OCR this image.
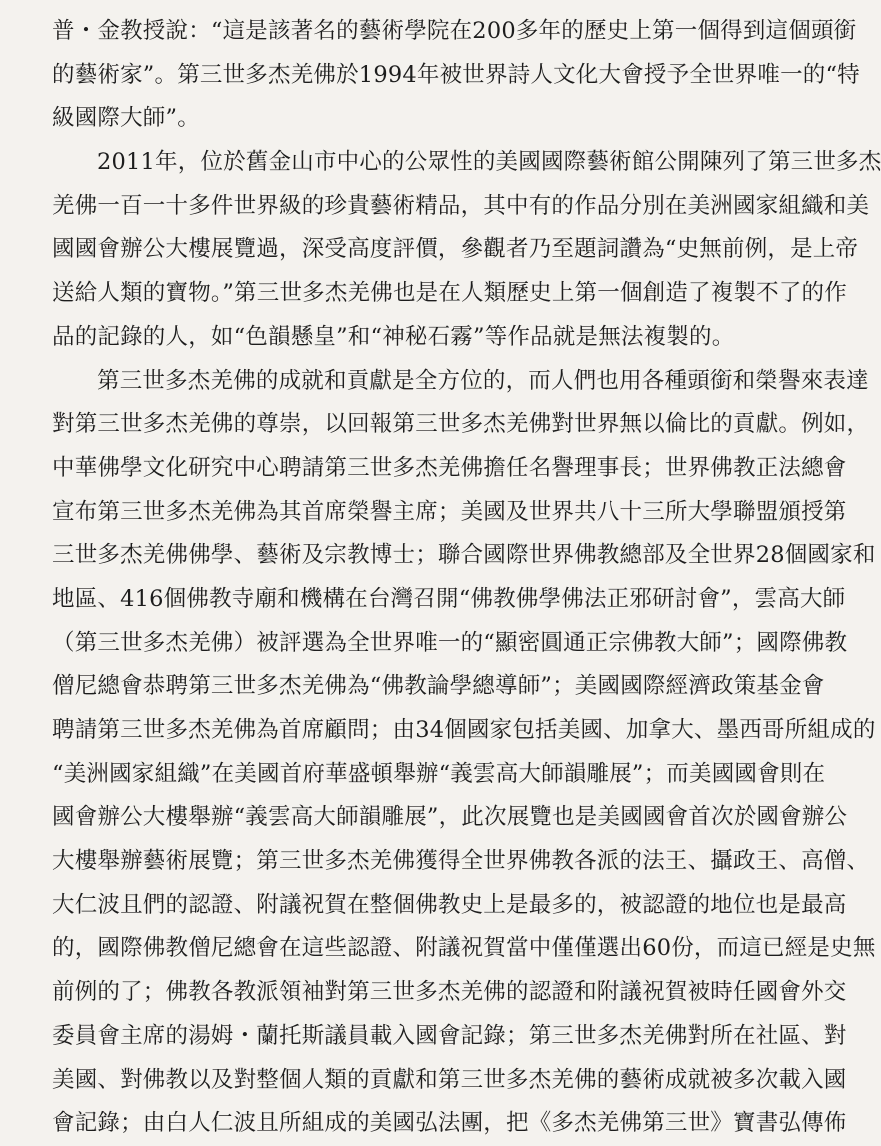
普・金教授說：“這是該著名的藝術學院在200多年的歷史上第一個得到這個頭銜
的藝術家”。第三世多杰羌佛於1994年被世界詩人文化大會授予全世界唯一的“特
級國際大師”。
2011年，位於舊金山市中心的公眾性的美國國際藝術館公開陳列了第三世多杰
羌佛一百一十多件世界級的珍貴藝術精品，其中有的作品分別在美洲國家組織和美
國國會辦公大樓展覽過，深受高度評價，參觀者乃至題詞讚為“史無前例，是上帝
送給人類的寶物。”第三世多杰羌佛也是在人類歷史上第一個創造了複製不了的作
品的記錄的人，如“色韻懸皇”和“神秘石霧”等作品就是無法複製的。
第三世多杰羌佛的成就和貢獻是全方位的，而人們也用各種頭銜和榮譽來表達
對第三世多杰羌佛的尊崇，以回報第三世多杰羌佛對世界無以倫比的貢獻。例如，
中華佛學文化研究中心聘請第三世多杰羌佛擔任名譽理事長；世界佛教正法總會
宣布第三世多杰羌佛為其首席榮譽主席；美國及世界共八十三所大學聯盟頒授第
三世多杰羌佛佛學、藝術及宗教博士；聯合國際世界佛教總部及全世界28個國家和
地區、416個佛教寺廟和機構在台灣召開“佛教佛學佛法正邪研討會”，雲高大師
（第三世多杰羌佛）被評選為全世界唯一的“顯密圓通正宗佛教大師”；國際佛教
僧尼總會恭聘第三世多杰羌佛為“佛教論學總導師”；美國國際經濟政策基金會
聘請第三世多杰羌佛為首席顧問；由34個國家包括美國、加拿大、墨西哥所組成的
“美洲國家組織”在美國首府華盛頓舉辦“義雲高大師韻雕展”；而美國國會則在
國會辦公大樓舉辦“義雲高大師韻雕展”，此次展覽也是美國國會首次於國會辦公
大樓舉辦藝術展覽；第三世多杰羌佛獲得全世界佛教各派的法王、攝政王、高僧、
大仁波且們的認證、附議祝賀在整個佛教史上是最多的，被認證的地位也是最高
的，國際佛教僧尼總會在這些認證、附議祝賀當中僅僅選出60份，而這已經是史無
前例的了；佛教各教派領袖對第三世多杰羌佛的認證和附議祝賀被時任國會外交
委員會主席的湯姆・蘭托斯議員載入國會記錄；第三世多杰羌佛對所在社區、對
美國、對佛教以及對整個人類的貢獻和第三世多杰羌佛的藝術成就被多次載入國
會記錄；由白人仁波且所組成的美國弘法團，把《多杰羌佛第三世》寶書弘傳佈
